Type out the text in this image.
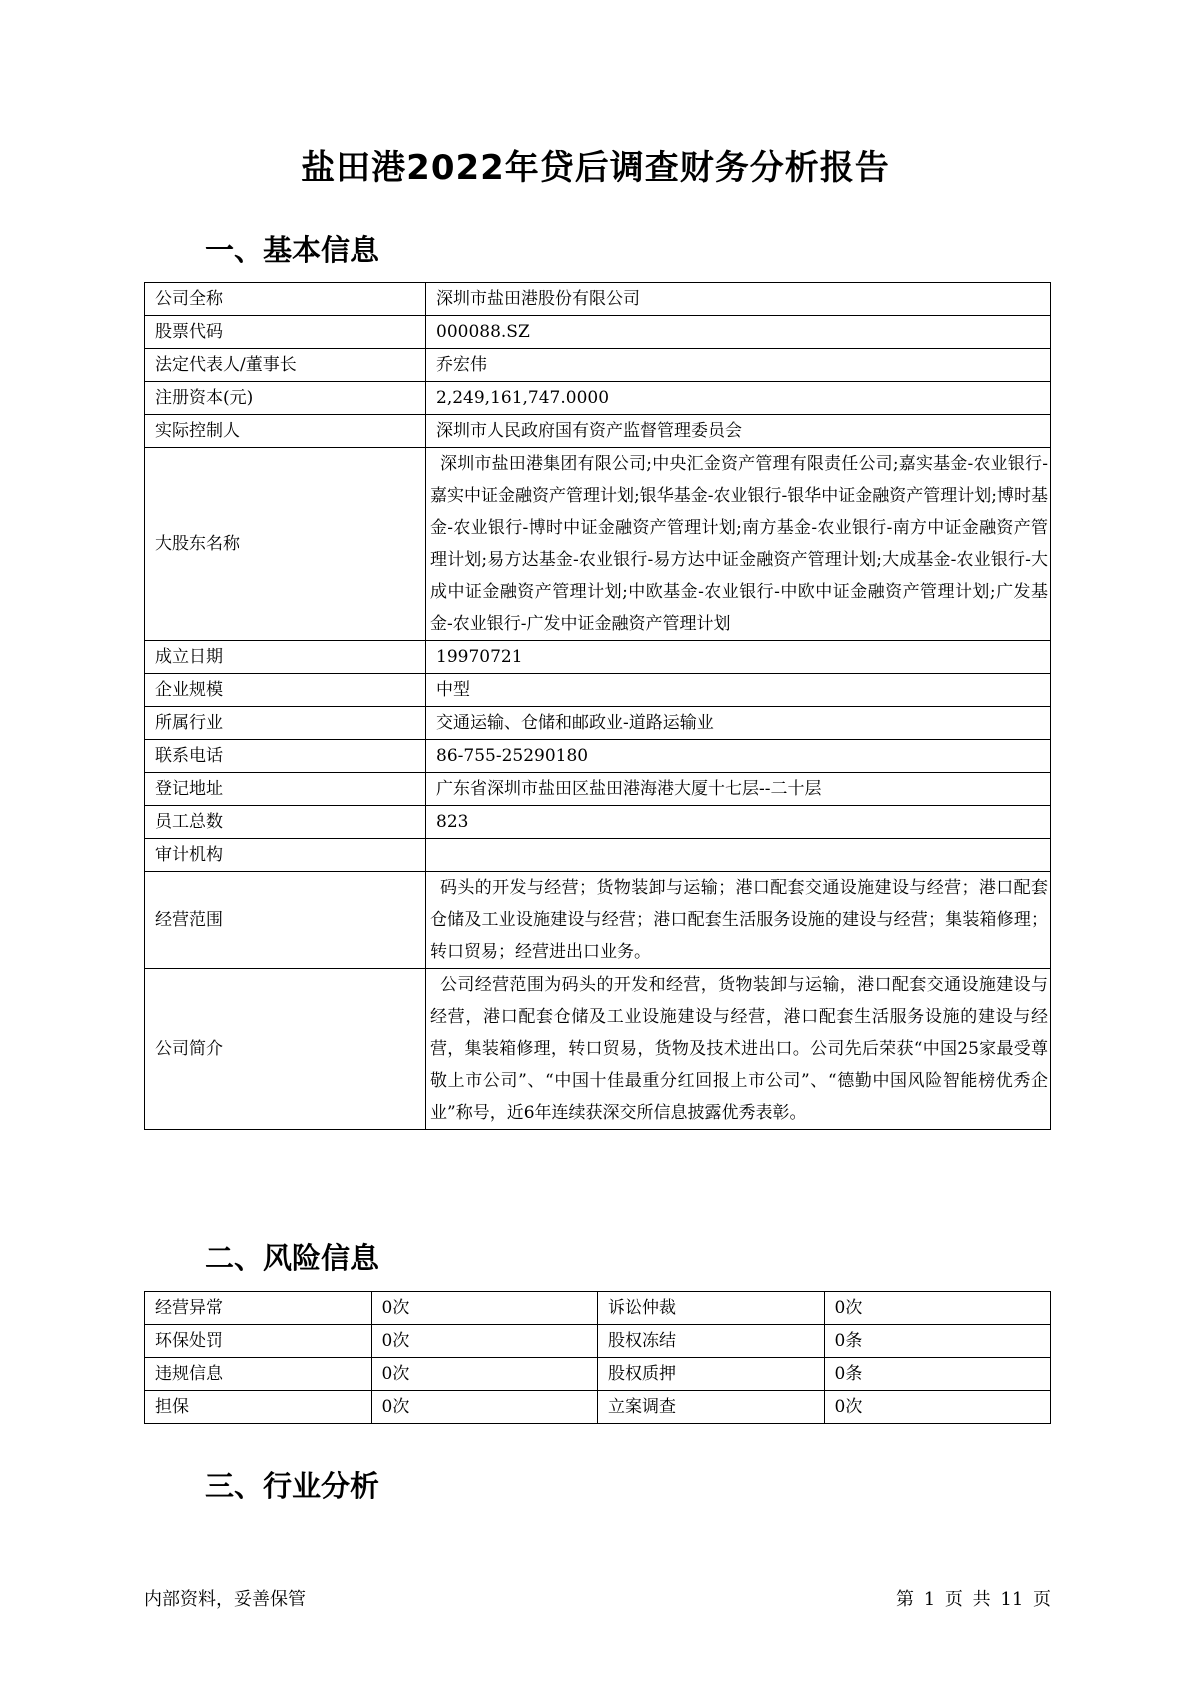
盐田港2022年贷后调查财务分析报告
一、基本信息
公司全称	深圳市盐田港股份有限公司
股票代码	000088.SZ
法定代表人/董事长	乔宏伟
注册资本(元)	2,249,161,747.0000
实际控制人	深圳市人民政府国有资产监督管理委员会
大股东名称	深圳市盐田港集团有限公司;中央汇金资产管理有限责任公司;嘉实基金-农业银行-嘉实中证金融资产管理计划;银华基金-农业银行-银华中证金融资产管理计划;博时基金-农业银行-博时中证金融资产管理计划;南方基金-农业银行-南方中证金融资产管理计划;易方达基金-农业银行-易方达中证金融资产管理计划;大成基金-农业银行-大成中证金融资产管理计划;中欧基金-农业银行-中欧中证金融资产管理计划;广发基金-农业银行-广发中证金融资产管理计划

成立日期	19970721
企业规模	中型
所属行业	交通运输、仓储和邮政业-道路运输业
联系电话	86-755-25290180
登记地址	广东省深圳市盐田区盐田港海港大厦十七层--二十层
员工总数	823
审计机构	
经营范围	码头的开发与经营；货物装卸与运输；港口配套交通设施建设与经营；港口配套仓储及工业设施建设与经营；港口配套生活服务设施的建设与经营；集装箱修理；转口贸易；经营进出口业务。

公司简介	公司经营范围为码头的开发和经营，货物装卸与运输，港口配套交通设施建设与经营，港口配套仓储及工业设施建设与经营，港口配套生活服务设施的建设与经营，集装箱修理，转口贸易，货物及技术进出口。公司先后荣获“中国25家最受尊敬上市公司”、“中国十佳最重分红回报上市公司”、“德勤中国风险智能榜优秀企业”称号，近6年连续获深交所信息披露优秀表彰。
二、风险信息
经营异常	0次	诉讼仲裁	0次
环保处罚	0次	股权冻结	0条
违规信息	0次	股权质押	0条
担保	0次	立案调查	0次
三、行业分析
内部资料，妥善保管	第 1 页 共 11 页
